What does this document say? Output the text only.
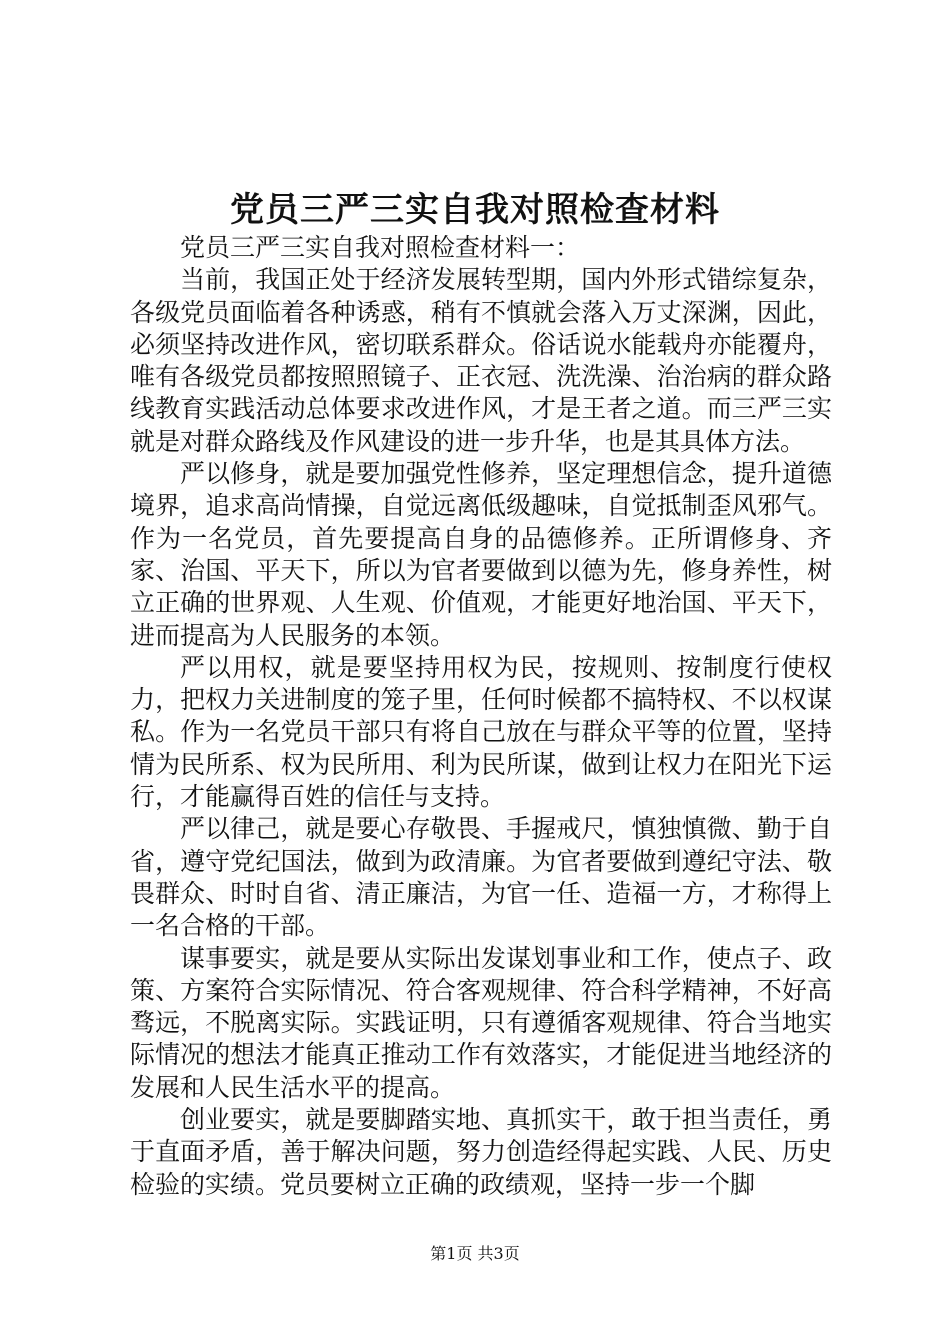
党员三严三实自我对照检查材料

党员三严三实自我对照检查材料一：

当前，我国正处于经济发展转型期，国内外形式错综复杂，各级党员面临着各种诱惑，稍有不慎就会落入万丈深渊，因此，必须坚持改进作风，密切联系群众。俗话说水能载舟亦能覆舟，唯有各级党员都按照照镜子、正衣冠、洗洗澡、治治病的群众路线教育实践活动总体要求改进作风，才是王者之道。而三严三实就是对群众路线及作风建设的进一步升华，也是其具体方法。

严以修身，就是要加强党性修养，坚定理想信念，提升道德境界，追求高尚情操，自觉远离低级趣味，自觉抵制歪风邪气。作为一名党员，首先要提高自身的品德修养。正所谓修身、齐家、治国、平天下，所以为官者要做到以德为先，修身养性，树立正确的世界观、人生观、价值观，才能更好地治国、平天下，进而提高为人民服务的本领。

严以用权，就是要坚持用权为民，按规则、按制度行使权力，把权力关进制度的笼子里，任何时候都不搞特权、不以权谋私。作为一名党员干部只有将自己放在与群众平等的位置，坚持情为民所系、权为民所用、利为民所谋，做到让权力在阳光下运行，才能赢得百姓的信任与支持。

严以律己，就是要心存敬畏、手握戒尺，慎独慎微、勤于自省，遵守党纪国法，做到为政清廉。为官者要做到遵纪守法、敬畏群众、时时自省、清正廉洁，为官一任、造福一方，才称得上一名合格的干部。

谋事要实，就是要从实际出发谋划事业和工作，使点子、政策、方案符合实际情况、符合客观规律、符合科学精神，不好高骛远，不脱离实际。实践证明，只有遵循客观规律、符合当地实际情况的想法才能真正推动工作有效落实，才能促进当地经济的发展和人民生活水平的提高。

创业要实，就是要脚踏实地、真抓实干，敢于担当责任，勇于直面矛盾，善于解决问题，努力创造经得起实践、人民、历史检验的实绩。党员要树立正确的政绩观，坚持一步一个脚

第1页 共3页
